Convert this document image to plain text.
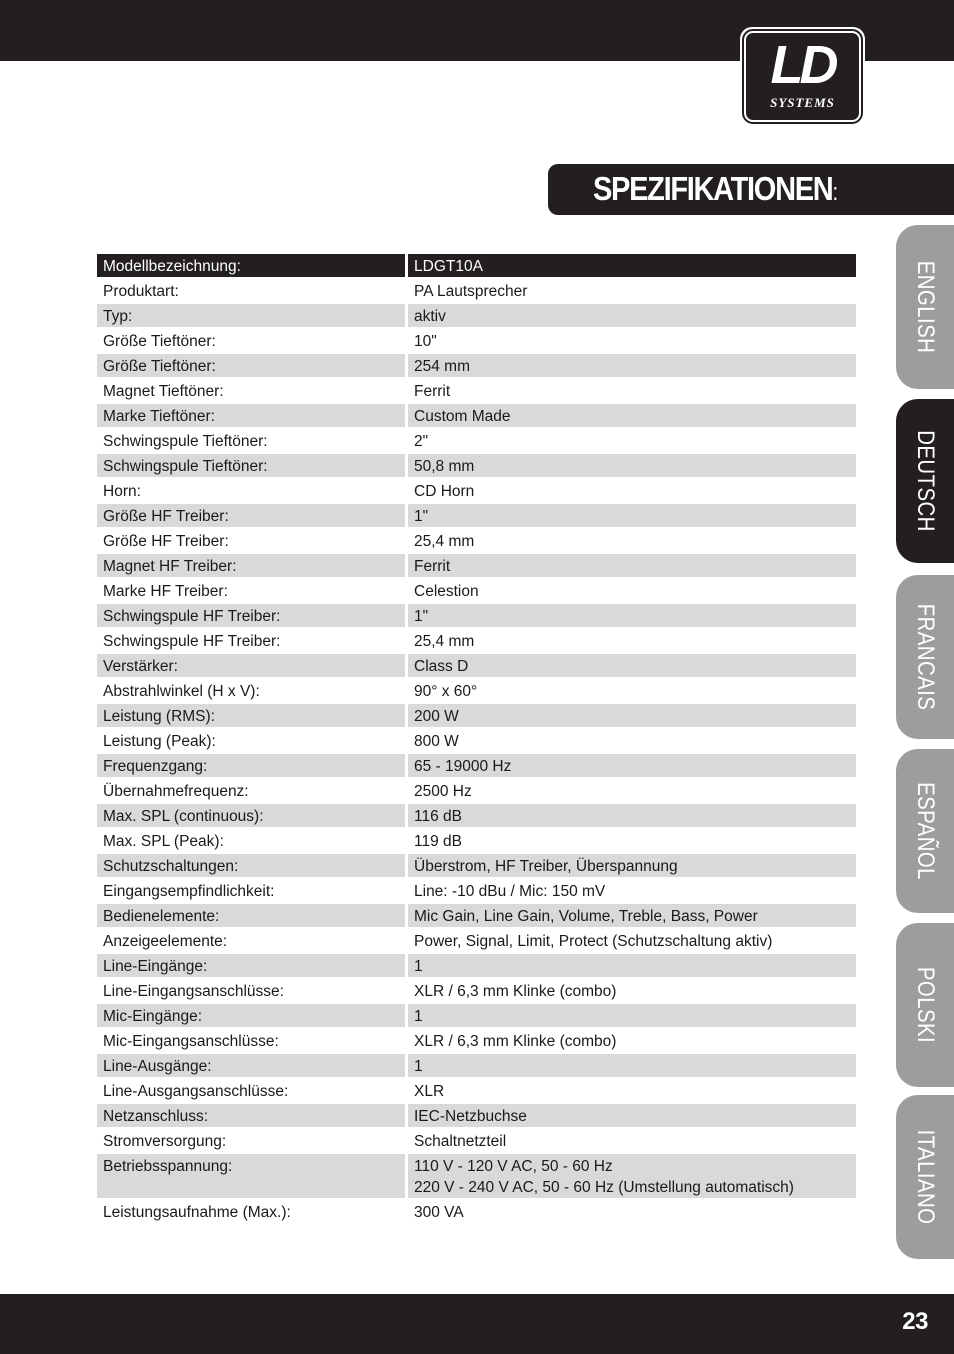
LD
SYSTEMS
SPEZIFIKATIONEN:
Modellbezeichnung:	LDGT10A

Produktart:	PA Lautsprecher

Typ:	aktiv

Größe Tieftöner:	10"

Größe Tieftöner:	254 mm

Magnet Tieftöner:	Ferrit

Marke Tieftöner:	Custom Made

Schwingspule Tieftöner:	2"

Schwingspule Tieftöner:	50,8 mm

Horn:	CD Horn

Größe HF Treiber:	1"

Größe HF Treiber:	25,4 mm

Magnet HF Treiber:	Ferrit

Marke HF Treiber:	Celestion

Schwingspule HF Treiber:	1"

Schwingspule HF Treiber:	25,4 mm

Verstärker:	Class D

Abstrahlwinkel (H x V):	90° x 60°

Leistung (RMS):	200 W

Leistung (Peak):	800 W

Frequenzgang:	65 - 19000 Hz

Übernahmefrequenz:	2500 Hz

Max. SPL (continuous):	116 dB

Max. SPL (Peak):	119 dB

Schutzschaltungen:	Überstrom, HF Treiber, Überspannung

Eingangsempfindlichkeit:	Line: -10 dBu / Mic: 150 mV

Bedienelemente:	Mic Gain, Line Gain, Volume, Treble, Bass, Power

Anzeigeelemente:	Power, Signal, Limit, Protect (Schutzschaltung aktiv)

Line-Eingänge:	1

Line-Eingangsanschlüsse:	XLR / 6,3 mm Klinke (combo)

Mic-Eingänge:	1

Mic-Eingangsanschlüsse:	XLR / 6,3 mm Klinke (combo)

Line-Ausgänge:	1

Line-Ausgangsanschlüsse:	XLR

Netzanschluss:	IEC-Netzbuchse

Stromversorgung:	Schaltnetzteil

Betriebsspannung:	110 V - 120 V AC, 50 - 60 Hz
220 V - 240 V AC, 50 - 60 Hz (Umstellung automatisch)

Leistungsaufnahme (Max.):	300 VA
ENGLISH
DEUTSCH
FRANCAIS
ESPAÑOL
POLSKI
ITALIANO
23
